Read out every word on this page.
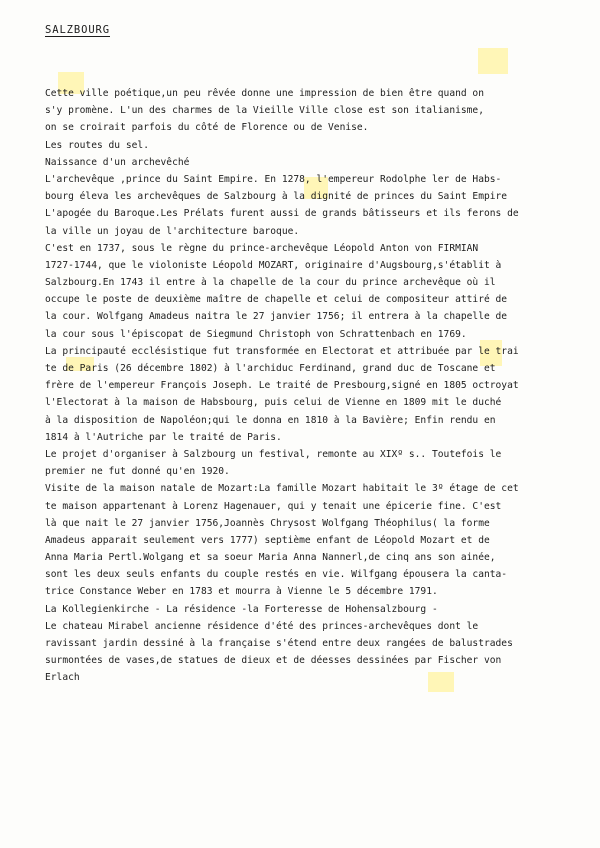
SALZBOURG
Cette ville poétique,un peu rêvée donne une impression de bien être quand on
s'y promène. L'un des charmes de la Vieille Ville close est son italianisme,
on se croirait parfois du côté de Florence ou de Venise.
Les routes du sel.
Naissance d'un archevêché
L'archevêque ,prince du Saint Empire. En 1278, l'empereur Rodolphe ler de Habs-
bourg éleva les archevêques de Salzbourg à la dignité de princes du Saint Empire
L'apogée du Baroque.Les Prélats furent aussi de grands bâtisseurs et ils ferons de
la ville un joyau de l'architecture baroque.
C'est en 1737, sous le règne du prince-archevêque Léopold Anton von FIRMIAN
1727-1744, que le violoniste Léopold MOZART, originaire d'Augsbourg,s'établit à
Salzbourg.En 1743 il entre à la chapelle de la cour du prince archevêque où il
occupe le poste de deuxième maître de chapelle et celui de compositeur attiré de
la cour. Wolfgang Amadeus naitra le 27 janvier 1756; il entrera à la chapelle de
la cour sous l'épiscopat de Siegmund Christoph von Schrattenbach en 1769.
La principauté ecclésistique fut transformée en Electorat et attribuée par le trai
te de Paris (26 décembre 1802) à l'archiduc Ferdinand, grand duc de Toscane et
frère de l'empereur François Joseph. Le traité de Presbourg,signé en 1805 octroyat
l'Electorat à la maison de Habsbourg, puis celui de Vienne en 1809 mit le duché
à la disposition de Napoléon;qui le donna en 1810 à la Bavière; Enfin rendu en
1814 à l'Autriche par le traité de Paris.
Le projet d'organiser à Salzbourg un festival, remonte au XIXº s.. Toutefois le
premier ne fut donné qu'en 1920.
Visite de la maison natale de Mozart:La famille Mozart habitait le 3º étage de cet
te maison appartenant à Lorenz Hagenauer, qui y tenait une épicerie fine. C'est
là que nait le 27 janvier 1756,Joannès Chrysost Wolfgang Théophilus( la forme
Amadeus apparait seulement vers 1777) septième enfant de Léopold Mozart et de
Anna Maria Pertl.Wolgang et sa soeur Maria Anna Nannerl,de cinq ans son ainée,
sont les deux seuls enfants du couple restés en vie. Wilfgang épousera la canta-
trice Constance Weber en 1783 et mourra à Vienne le 5 décembre 1791.
La Kollegienkirche - La résidence -la Forteresse de Hohensalzbourg -
Le chateau Mirabel ancienne résidence d'été des princes-archevêques dont le
ravissant jardin dessiné à la française s'étend entre deux rangées de balustrades
surmontées de vases,de statues de dieux et de déesses dessinées par Fischer von
Erlach
